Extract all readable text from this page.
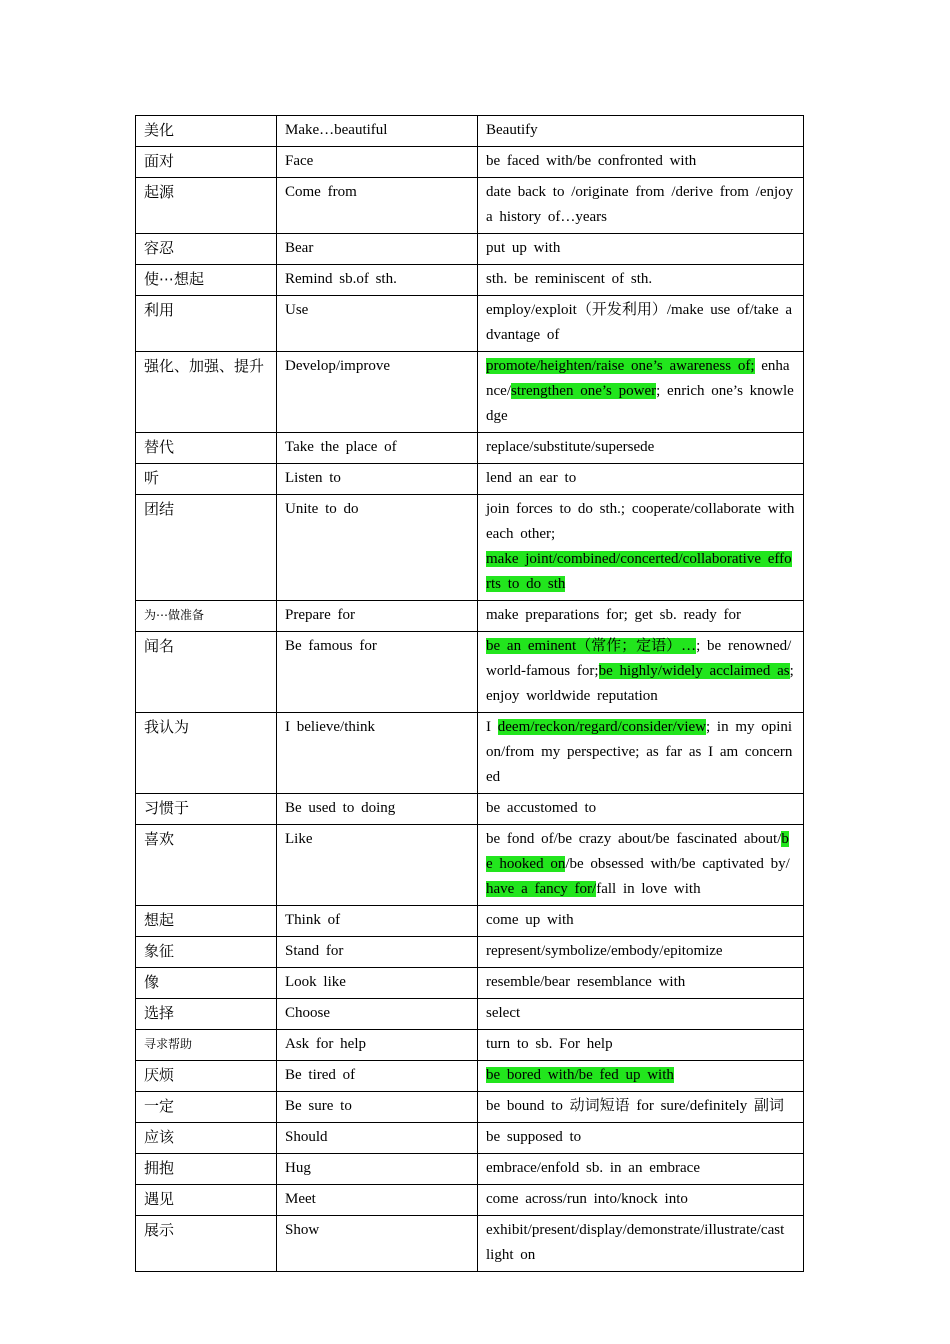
美化	Make…beautiful	Beautify
面对	Face	be faced with/be confronted with
起源	Come from	date back to /originate from /derive from /enjoy a history of…years
容忍	Bear	put up with
使⋯想起	Remind sb.of sth.	sth. be reminiscent of sth.
利用	Use	employ/exploit（开发利用）/make use of/take advantage of
强化、加强、提升	Develop/improve	promote/heighten/raise one’s awareness of; enhance/strengthen one’s power; enrich one’s knowledge
替代	Take the place of	replace/substitute/supersede
听	Listen to	lend an ear to
团结	Unite to do	join forces to do sth.; cooperate/collaborate with each other;
make joint/combined/concerted/collaborative efforts to do sth
为⋯做准备	Prepare for	make preparations for; get sb. ready for
闻名	Be famous for	be an eminent（常作；定语）…; be renowned/world-famous for;be highly/widely acclaimed as; enjoy worldwide reputation
我认为	I believe/think	I deem/reckon/regard/consider/view; in my opinion/from my perspective; as far as I am concerned
习惯于	Be used to doing	be accustomed to
喜欢	Like	be fond of/be crazy about/be fascinated about/be hooked on/be obsessed with/be captivated by/have a fancy for/fall in love with
想起	Think of	come up with
象征	Stand for	represent/symbolize/embody/epitomize
像	Look like	resemble/bear resemblance with
选择	Choose	select
寻求帮助	Ask for help	turn to sb. For help
厌烦	Be tired of	be bored with/be fed up with
一定	Be sure to	be bound to 动词短语 for sure/definitely 副词
应该	Should	be supposed to
拥抱	Hug	embrace/enfold sb. in an embrace
遇见	Meet	come across/run into/knock into
展示	Show	exhibit/present/display/demonstrate/illustrate/cast light on
